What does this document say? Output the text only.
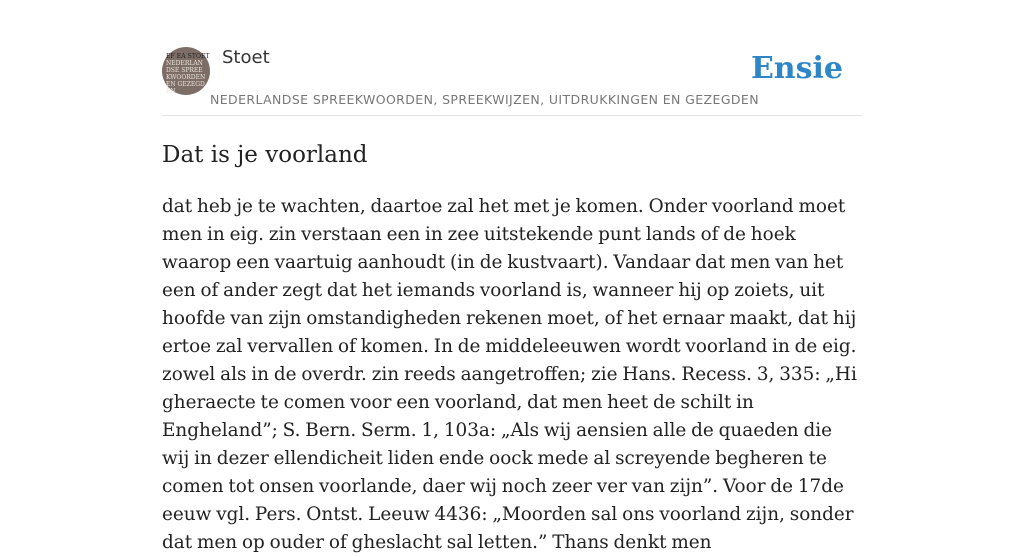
EF EA STOET
NEDERLANDSE SPREEKWOORDEN EN GEZEGDEN
Stoet
NEDERLANDSE SPREEKWOORDEN, SPREEKWIJZEN, UITDRUKKINGEN EN GEZEGDEN
Ensie
Dat is je voorland

dat heb je te wachten, daartoe zal het met je komen. Onder voorland moet men in eig. zin verstaan een in zee uitstekende punt lands of de hoek waarop een vaartuig aanhoudt (in de kustvaart). Vandaar dat men van het een of ander zegt dat het iemands voorland is, wanneer hij op zoiets, uit hoofde van zijn omstandigheden rekenen moet, of het ernaar maakt, dat hij ertoe zal vervallen of komen. In de middeleeuwen wordt voorland in de eig. zowel als in de overdr. zin reeds aangetroffen; zie Hans. Recess. 3, 335: „Hi gheraecte te comen voor een voorland, dat men heet de schilt in Engheland”; S. Bern. Serm. 1, 103a: „Als wij aensien alle de quaeden die wij in dezer ellendicheit liden ende oock mede al screyende begheren te comen tot onsen voorlande, daer wij noch zeer ver van zijn”. Voor de 17de eeuw vgl. Pers. Ontst. Leeuw 4436: „Moorden sal ons voorland zijn, sonder dat men op ouder of gheslacht sal letten.” Thans denkt men
